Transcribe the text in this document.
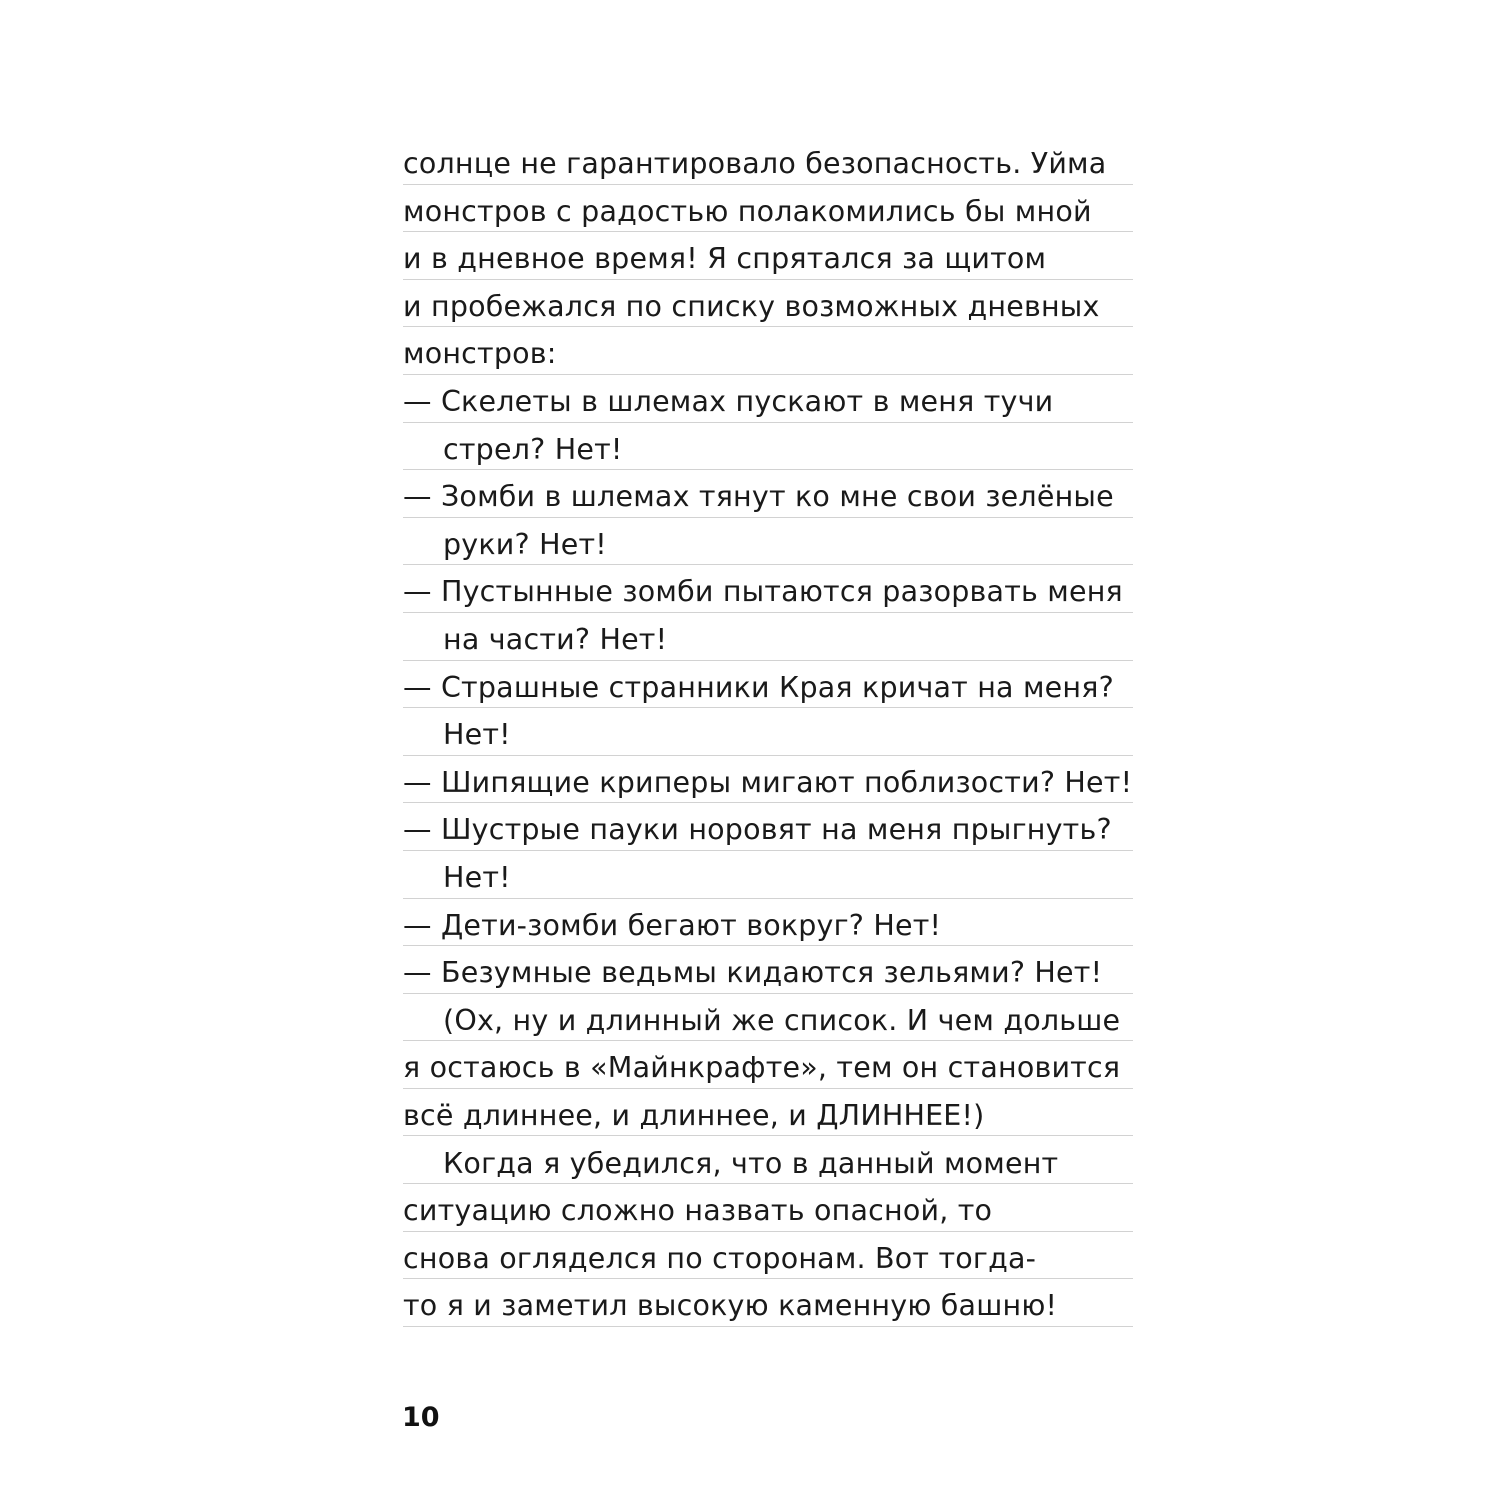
солнце не гарантировало безопасность. Уйма
монстров с радостью полакомились бы мной
и в дневное время! Я спрятался за щитом
и пробежался по списку возможных дневных
монстров:
— Скелеты в шлемах пускают в меня тучи
стрел? Нет!
— Зомби в шлемах тянут ко мне свои зелёные
руки? Нет!
— Пустынные зомби пытаются разорвать меня
на части? Нет!
— Страшные странники Края кричат на меня?
Нет!
— Шипящие криперы мигают поблизости? Нет!
— Шустрые пауки норовят на меня прыгнуть?
Нет!
— Дети-зомби бегают вокруг? Нет!
— Безумные ведьмы кидаются зельями? Нет!
(Ох, ну и длинный же список. И чем дольше
я остаюсь в «Майнкрафте», тем он становится
всё длиннее, и длиннее, и ДЛИННЕЕ!)
Когда я убедился, что в данный момент
ситуацию сложно назвать опасной, то
снова огляделся по сторонам. Вот тогда-
то я и заметил высокую каменную башню!
10
